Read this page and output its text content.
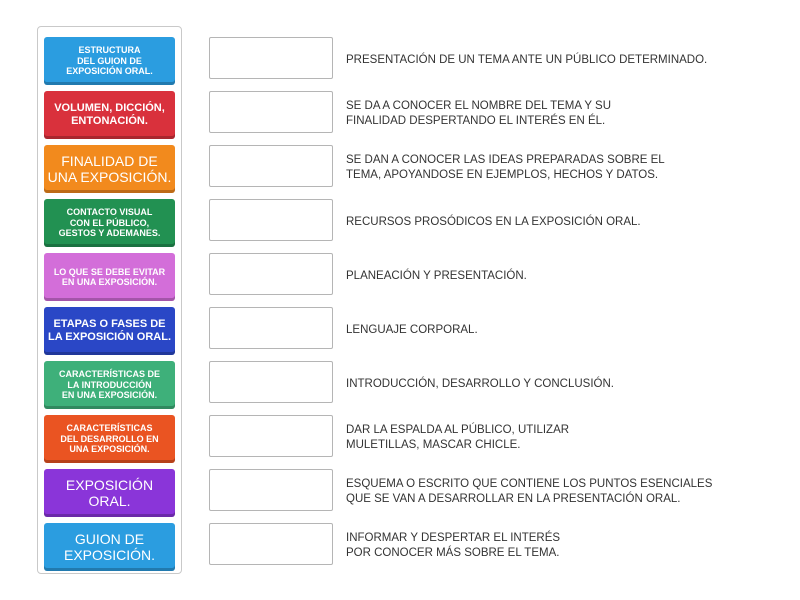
ESTRUCTURA
DEL GUION DE
EXPOSICIÓN ORAL.
VOLUMEN, DICCIÓN,
ENTONACIÓN.
FINALIDAD DE
UNA EXPOSICIÓN.
CONTACTO VISUAL
CON EL PÚBLICO,
GESTOS Y ADEMANES.
LO QUE SE DEBE EVITAR
EN UNA EXPOSICIÓN.
ETAPAS O FASES DE
LA EXPOSICIÓN ORAL.
CARACTERÍSTICAS DE
LA INTRODUCCIÓN
EN UNA EXPOSICIÓN.
CARACTERÍSTICAS
DEL DESARROLLO EN
UNA EXPOSICIÓN.
EXPOSICIÓN
ORAL.
GUION DE
EXPOSICIÓN.
PRESENTACIÓN DE UN TEMA ANTE UN PÚBLICO DETERMINADO.
SE DA A CONOCER EL NOMBRE DEL TEMA Y SU
FINALIDAD DESPERTANDO EL INTERÉS EN ÉL.
SE DAN A CONOCER LAS IDEAS PREPARADAS SOBRE EL
TEMA, APOYANDOSE EN EJEMPLOS, HECHOS Y DATOS.
RECURSOS PROSÓDICOS EN LA EXPOSICIÓN ORAL.
PLANEACIÓN Y PRESENTACIÓN.
LENGUAJE CORPORAL.
INTRODUCCIÓN, DESARROLLO Y CONCLUSIÓN.
DAR LA ESPALDA AL PÚBLICO, UTILIZAR
MULETILLAS, MASCAR CHICLE.
ESQUEMA O ESCRITO QUE CONTIENE LOS PUNTOS ESENCIALES
QUE SE VAN A DESARROLLAR EN LA PRESENTACIÓN ORAL.
INFORMAR Y DESPERTAR EL INTERÉS
POR CONOCER MÁS SOBRE EL TEMA.
